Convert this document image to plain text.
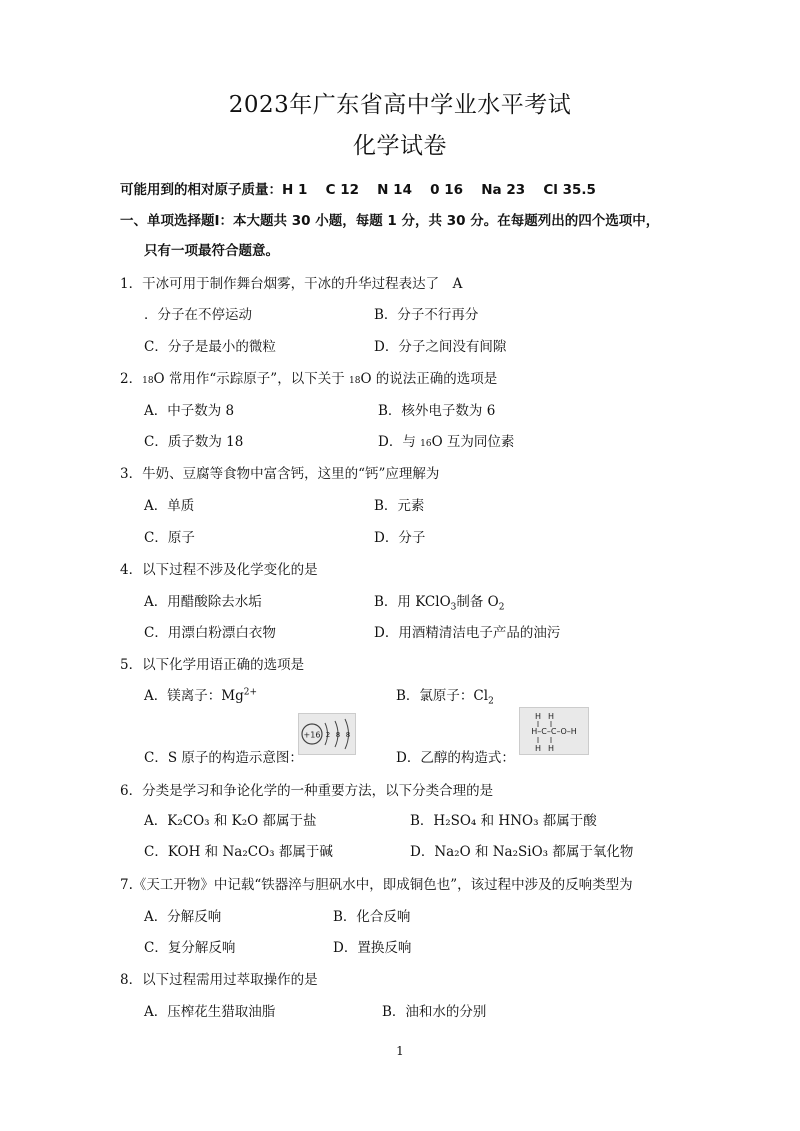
2023年广东省高中学业水平考试
化学试卷
可能用到的相对原子质量：H 1　 C 12　 N 14　 0 16　 Na 23　 Cl 35.5
一、单项选择题Ⅰ：本大题共 30 小题，每题 1 分，共 30 分。在每题列出的四个选项中，
只有一项最符合题意。
1．干冰可用于制作舞台烟雾，干冰的升华过程表达了　A
．分子在不停运动	B．分子不行再分
C．分子是最小的微粒	D．分子之间没有间隙
2．18O 常用作“示踪原子”，以下关于 18O 的说法正确的选项是
A．中子数为 8	B．核外电子数为 6
C．质子数为 18	D．与 16O 互为同位素
3．牛奶、豆腐等食物中富含钙，这里的“钙”应理解为
A．单质	B．元素
C．原子	D．分子
4．以下过程不涉及化学变化的是
A．用醋酸除去水垢	B．用 KClO$_3$制备 $O_2$
C．用漂白粉漂白衣物	D．用酒精清洁电子产品的油污
5．以下化学用语正确的选项是
A．镁离子：$Mg^{2+}$	B．氯原子：$Cl_2$
+16 2 8 8
H H
H–C–C–O–H
H H
C．S 原子的构造示意图：	D．乙醇的构造式：
6．分类是学习和争论化学的一种重要方法，以下分类合理的是
A．K₂CO₃ 和 K₂O 都属于盐	B．H₂SO₄ 和 HNO₃ 都属于酸
C．KOH 和 Na₂CO₃ 都属于碱	D．Na₂O 和 Na₂SiO₃ 都属于氧化物
7.《天工开物》中记载“铁器淬与胆矾水中，即成铜色也”，该过程中涉及的反响类型为
A．分解反响	B．化合反响
C．复分解反响	D．置换反响
8．以下过程需用过萃取操作的是
A．压榨花生猎取油脂	B．油和水的分别
1
